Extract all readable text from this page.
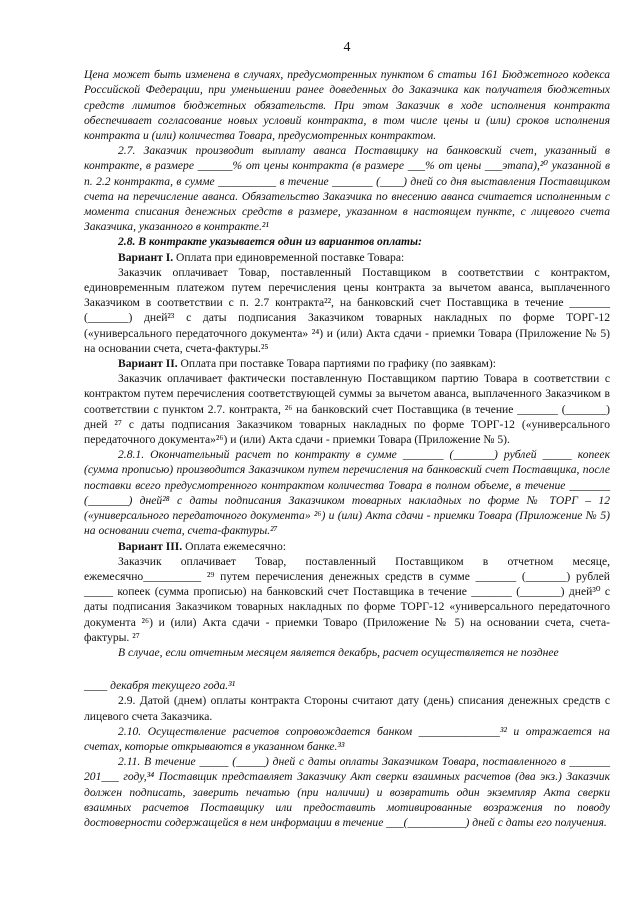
4

Цена может быть изменена в случаях, предусмотренных пунктом 6 статьи 161 Бюджетного кодекса Российской Федерации, при уменьшении ранее доведенных до Заказчика как получателя бюджетных средств лимитов бюджетных обязательств. При этом Заказчик в ходе исполнения контракта обеспечивает согласование новых условий контракта, в том числе цены и (или) сроков исполнения контракта и (или) количества Товара, предусмотренных контрактом.

2.7. Заказчик производит выплату аванса Поставщику на банковский счет, указанный в контракте, в размере ______% от цены контракта (в размере ___% от цены ___этапа),²⁰ указанной в п. 2.2 контракта, в сумме __________ в течение _______ (____) дней со дня выставления Поставщиком счета на перечисление аванса. Обязательство Заказчика по внесению аванса считается исполненным с момента списания денежных средств в размере, указанном в настоящем пункте, с лицевого счета Заказчика, указанного в контракте.²¹

2.8. В контракте указывается один из вариантов оплаты:

Вариант I. Оплата при единовременной поставке Товара:

Заказчик оплачивает Товар, поставленный Поставщиком в соответствии с контрактом, единовременным платежом путем перечисления цены контракта за вычетом аванса, выплаченного Заказчиком в соответствии с п. 2.7 контракта²², на банковский счет Поставщика в течение _______ (_______) дней²³ с даты подписания Заказчиком товарных накладных по форме ТОРГ-12 («универсального передаточного документа» ²⁴) и (или) Акта сдачи - приемки Товара (Приложение № 5) на основании счета, счета-фактуры.²⁵

Вариант II. Оплата при поставке Товара партиями по графику (по заявкам):

Заказчик оплачивает фактически поставленную Поставщиком партию Товара в соответствии с контрактом путем перечисления соответствующей суммы за вычетом аванса, выплаченного Заказчиком в соответствии с пунктом 2.7. контракта, ²⁶ на банковский счет Поставщика (в течение _______ (_______) дней ²⁷ с даты подписания Заказчиком товарных накладных по форме ТОРГ-12 («универсального передаточного документа»²⁶) и (или) Акта сдачи - приемки Товара (Приложение № 5).

2.8.1. Окончательный расчет по контракту в сумме _______ (_______) рублей _____ копеек (сумма прописью) производится Заказчиком путем перечисления на банковский счет Поставщика, после поставки всего предусмотренного контрактом количества Товара в полном объеме, в течение _______ (_______) дней²⁸ с даты подписания Заказчиком товарных накладных по форме № ТОРГ – 12 («универсального передаточного документа» ²⁶) и (или) Акта сдачи - приемки Товара (Приложение № 5) на основании счета, счета-фактуры.²⁷

Вариант III. Оплата ежемесячно:

Заказчик оплачивает Товар, поставленный Поставщиком в отчетном месяце, ежемесячно__________ ²⁹ путем перечисления денежных средств в сумме _______ (_______) рублей _____ копеек (сумма прописью) на банковский счет Поставщика в течение _______ (_______) дней³⁰ с даты подписания Заказчиком товарных накладных по форме ТОРГ-12 «универсального передаточного документа ²⁶) и (или) Акта сдачи - приемки Товаро (Приложение № 5) на основании счета, счета-фактуры. ²⁷

В случае, если отчетным месяцем является декабрь, расчет осуществляется не позднее

____ декабря текущего года.³¹

2.9. Датой (днем) оплаты контракта Стороны считают дату (день) списания денежных средств с лицевого счета Заказчика.

2.10. Осуществление расчетов сопровождается банком ______________³² и отражается на счетах, которые открываются в указанном банке.³³

2.11. В течение _____ (_____) дней с даты оплаты Заказчиком Товара, поставленного в _______ 201___ году,³⁴ Поставщик представляет Заказчику Акт сверки взаимных расчетов (два экз.) Заказчик должен подписать, заверить печатью (при наличии) и возвратить один экземпляр Акта сверки взаимных расчетов Поставщику или предоставить мотивированные возражения по поводу достоверности содержащейся в нем информации в течение ___(__________) дней с даты его получения.
